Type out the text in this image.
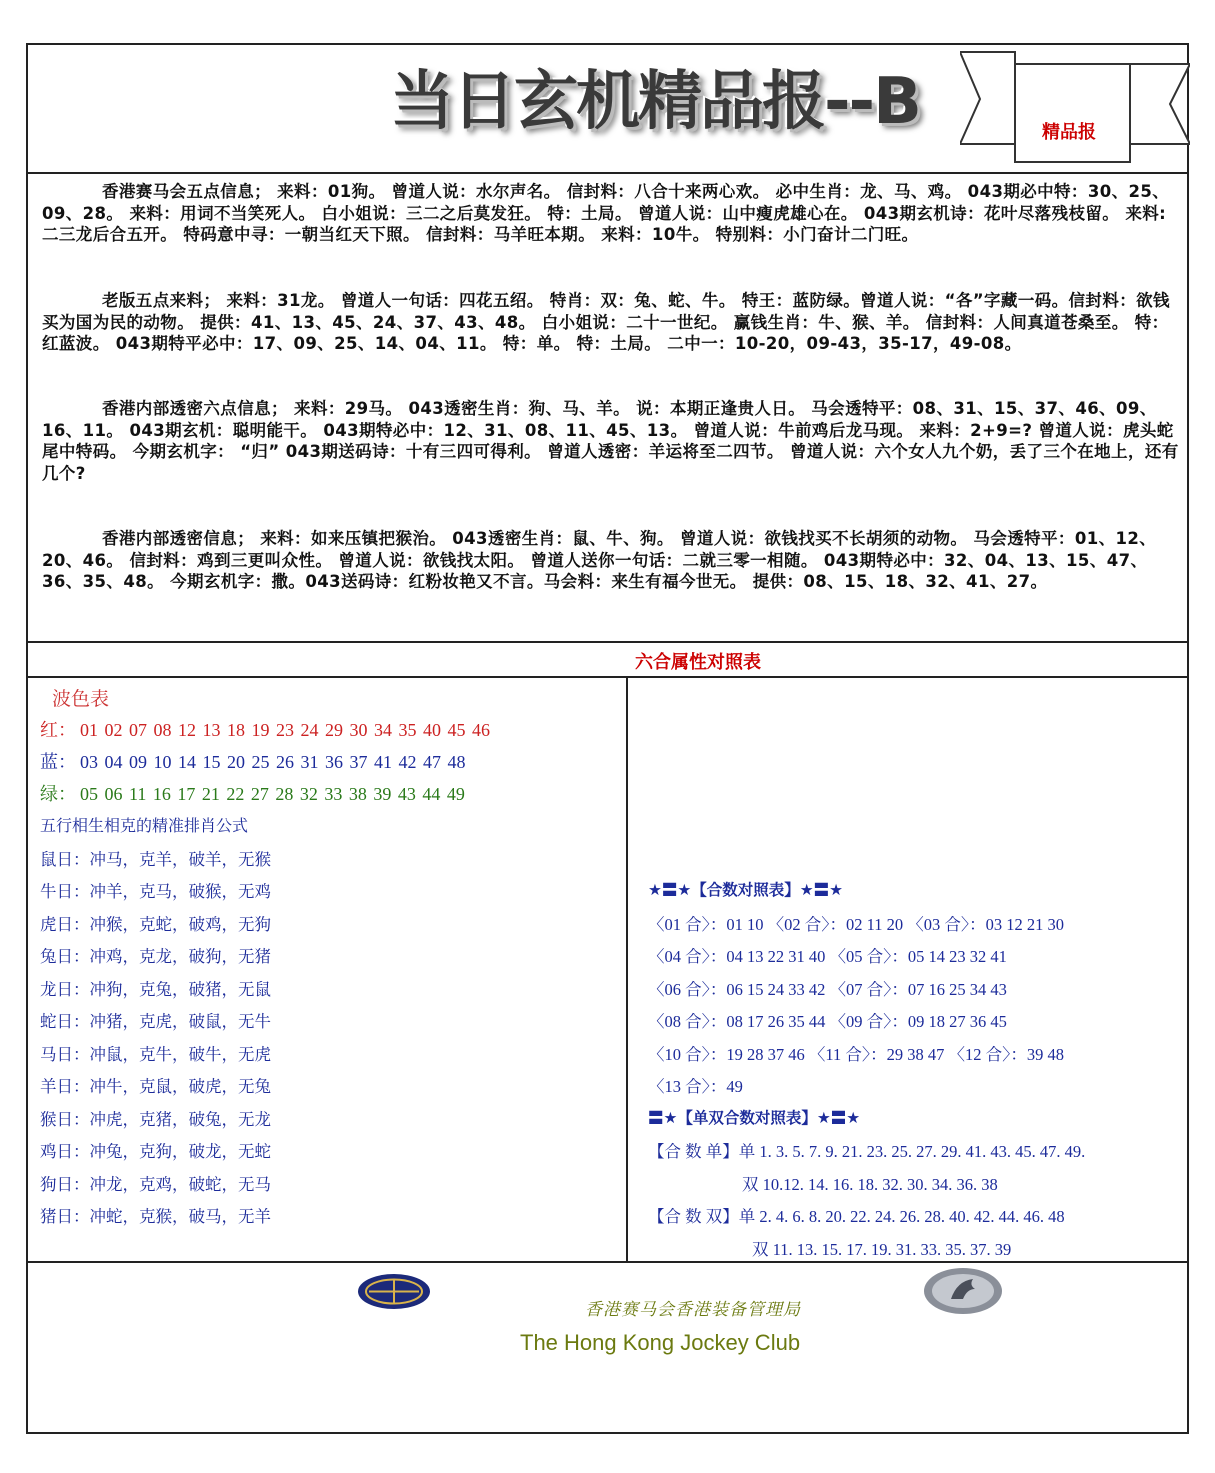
当日玄机精品报--B	精品报
香港赛马会五点信息； 来料：01狗。 曾道人说：水尔声名。 信封料：八合十来两心欢。 必中生肖：龙、马、鸡。 043期必中特：30、25、09、28。 来料：用词不当笑死人。 白小姐说：三二之后莫发狂。 特：土局。 曾道人说：山中瘦虎雄心在。 043期玄机诗：花叶尽落残枝留。 来料:二三龙后合五开。 特码意中寻：一朝当红天下照。 信封料：马羊旺本期。 来料：10牛。 特别料：小门奋计二门旺。
老版五点来料； 来料：31龙。 曾道人一句话：四花五绍。 特肖：双：兔、蛇、牛。 特王：蓝防绿。曾道人说：“各”字藏一码。信封料：欲钱买为国为民的动物。 提供：41、13、45、24、37、43、48。 白小姐说：二十一世纪。 赢钱生肖：牛、猴、羊。 信封料：人间真道苍桑至。 特：红蓝波。 043期特平必中：17、09、25、14、04、11。 特：单。 特：土局。 二中一：10-20，09-43，35-17，49-08。
香港内部透密六点信息； 来料：29马。 043透密生肖：狗、马、羊。 说：本期正逢贵人日。 马会透特平：08、31、15、37、46、09、16、11。 043期玄机：聪明能干。 043期特必中：12、31、08、11、45、13。 曾道人说：牛前鸡后龙马现。 来料：2+9=? 曾道人说：虎头蛇尾中特码。 今期玄机字： “归” 043期送码诗：十有三四可得利。 曾道人透密：羊运将至二四节。 曾道人说：六个女人九个奶，丢了三个在地上，还有几个?
香港内部透密信息； 来料：如来压镇把猴治。 043透密生肖：鼠、牛、狗。 曾道人说：欲钱找买不长胡须的动物。 马会透特平：01、12、20、46。 信封料：鸡到三更叫众性。 曾道人说：欲钱找太阳。 曾道人送你一句话：二就三零一相随。 043期特必中：32、04、13、15、47、36、35、48。 今期玄机字：撒。043送码诗：红粉妆艳又不言。马会料：来生有福今世无。 提供：08、15、18、32、41、27。
六合属性对照表
波色表
红： 01 02 07 08 12 13 18 19 23 24 29 30 34 35 40 45 46
蓝： 03 04 09 10 14 15 20 25 26 31 36 37 41 42 47 48
绿： 05 06 11 16 17 21 22 27 28 32 33 38 39 43 44 49
五行相生相克的精准排肖公式
鼠日：冲马，克羊，破羊，无猴
牛日：冲羊，克马，破猴，无鸡
虎日：冲猴，克蛇，破鸡，无狗
兔日：冲鸡，克龙，破狗，无猪
龙日：冲狗，克兔，破猪，无鼠
蛇日：冲猪，克虎，破鼠，无牛
马日：冲鼠，克牛，破牛，无虎
羊日：冲牛，克鼠，破虎，无兔
猴日：冲虎，克猪，破兔，无龙
鸡日：冲兔，克狗，破龙，无蛇
狗日：冲龙，克鸡，破蛇，无马
猪日：冲蛇，克猴，破马，无羊
★〓★【合数对照表】★〓★
〈01 合〉：01 10 〈02 合〉：02 11 20 〈03 合〉：03 12 21 30
〈04 合〉：04 13 22 31 40 〈05 合〉：05 14 23 32 41
〈06 合〉：06 15 24 33 42 〈07 合〉：07 16 25 34 43
〈08 合〉：08 17 26 35 44 〈09 合〉：09 18 27 36 45
〈10 合〉：19 28 37 46 〈11 合〉：29 38 47 〈12 合〉：39 48
〈13 合〉：49
〓★【单双合数对照表】★〓★
【合 数 单】单 1. 3. 5. 7. 9. 21. 23. 25. 27. 29. 41. 43. 45. 47. 49.
双 10.12. 14. 16. 18. 32. 30. 34. 36. 38
【合 数 双】单 2. 4. 6. 8. 20. 22. 24. 26. 28. 40. 42. 44. 46. 48
双 11. 13. 15. 17. 19. 31. 33. 35. 37. 39
香港赛马会香港装备管理局
The Hong Kong Jockey Club
